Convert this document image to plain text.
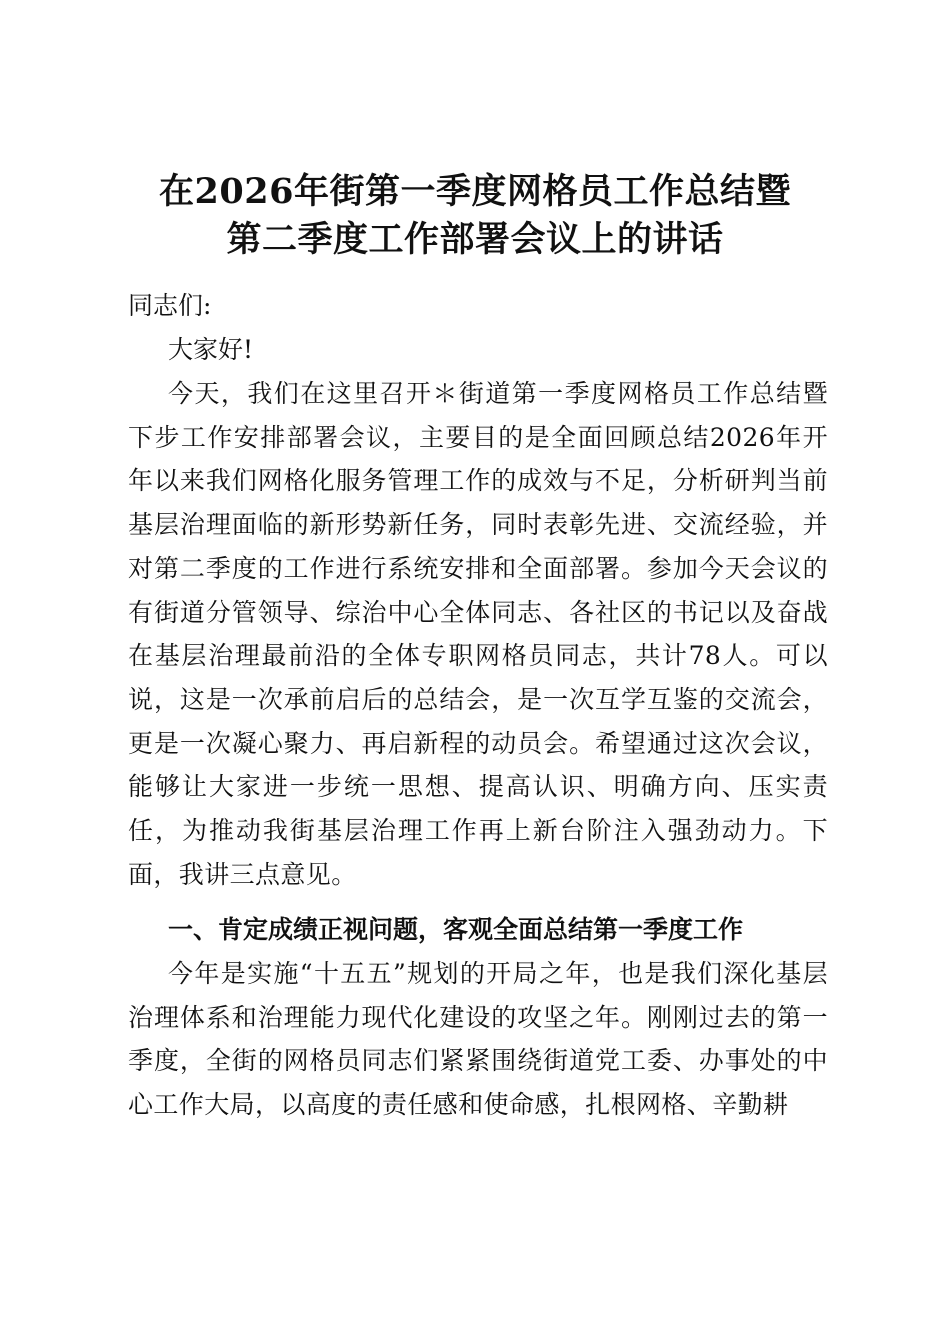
在2026年街第一季度网格员工作总结暨
第二季度工作部署会议上的讲话
同志们:
大家好!
今天，我们在这里召开＊街道第一季度网格员工作总结暨下步工作安排部署会议，主要目的是全面回顾总结2026年开年以来我们网格化服务管理工作的成效与不足，分析研判当前基层治理面临的新形势新任务，同时表彰先进、交流经验，并对第二季度的工作进行系统安排和全面部署。参加今天会议的有街道分管领导、综治中心全体同志、各社区的书记以及奋战在基层治理最前沿的全体专职网格员同志，共计78人。可以说，这是一次承前启后的总结会，是一次互学互鉴的交流会，更是一次凝心聚力、再启新程的动员会。希望通过这次会议，能够让大家进一步统一思想、提高认识、明确方向、压实责任，为推动我街基层治理工作再上新台阶注入强劲动力。下面，我讲三点意见。
一、肯定成绩正视问题，客观全面总结第一季度工作
今年是实施“十五五”规划的开局之年，也是我们深化基层治理体系和治理能力现代化建设的攻坚之年。刚刚过去的第一季度，全街的网格员同志们紧紧围绕街道党工委、办事处的中心工作大局，以高度的责任感和使命感，扎根网格、辛勤耕
